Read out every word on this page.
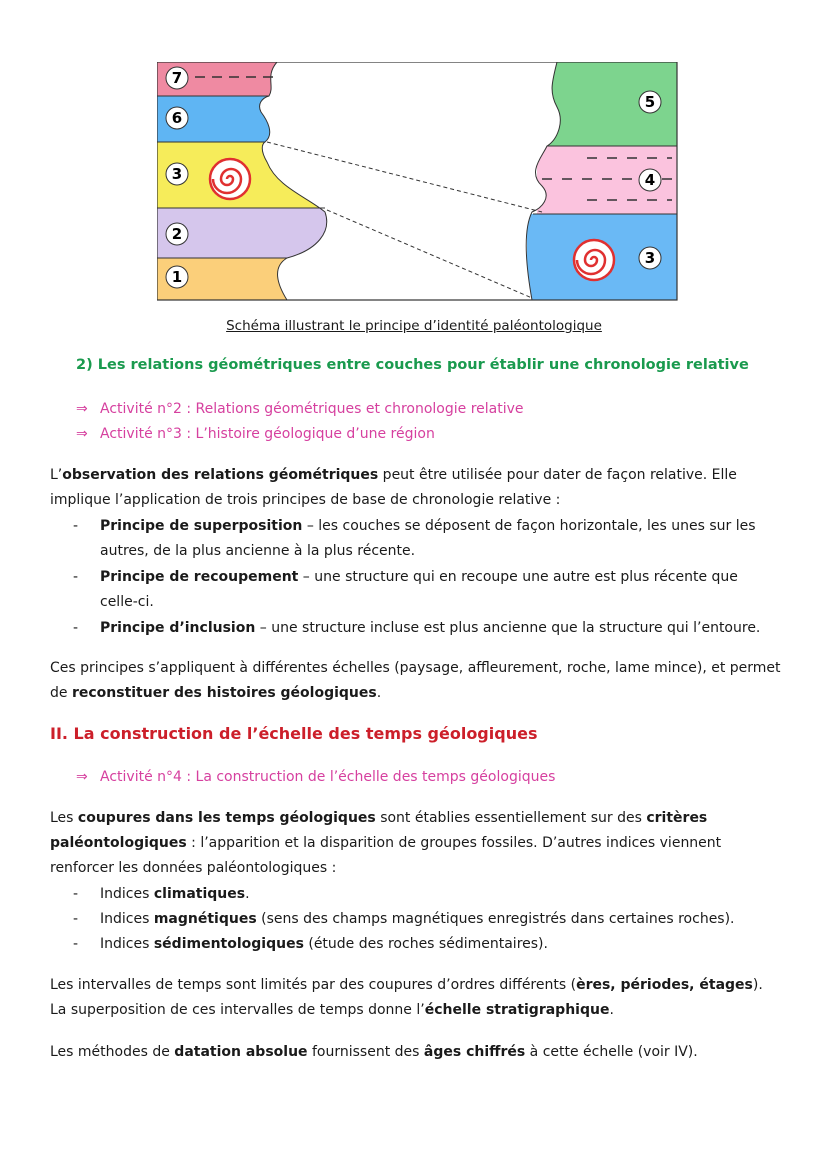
7
6
3
2
1
5
4
3
Schéma illustrant le principe d’identité paléontologique
2) Les relations géométriques entre couches pour établir une chronologie relative
⇒ Activité n°2 : Relations géométriques et chronologie relative
⇒ Activité n°3 : L’histoire géologique d’une région
L’observation des relations géométriques peut être utilisée pour dater de façon relative. Elle
implique l’application de trois principes de base de chronologie relative :
- Principe de superposition – les couches se déposent de façon horizontale, les unes sur les
autres, de la plus ancienne à la plus récente.
- Principe de recoupement – une structure qui en recoupe une autre est plus récente que
celle-ci.
- Principe d’inclusion – une structure incluse est plus ancienne que la structure qui l’entoure.
Ces principes s’appliquent à différentes échelles (paysage, affleurement, roche, lame mince), et permet
de reconstituer des histoires géologiques.
II. La construction de l’échelle des temps géologiques
⇒ Activité n°4 : La construction de l’échelle des temps géologiques
Les coupures dans les temps géologiques sont établies essentiellement sur des critères
paléontologiques : l’apparition et la disparition de groupes fossiles. D’autres indices viennent
renforcer les données paléontologiques :
- Indices climatiques.
- Indices magnétiques (sens des champs magnétiques enregistrés dans certaines roches).
- Indices sédimentologiques (étude des roches sédimentaires).
Les intervalles de temps sont limités par des coupures d’ordres différents (ères, périodes, étages).
La superposition de ces intervalles de temps donne l’échelle stratigraphique.
Les méthodes de datation absolue fournissent des âges chiffrés à cette échelle (voir IV).
